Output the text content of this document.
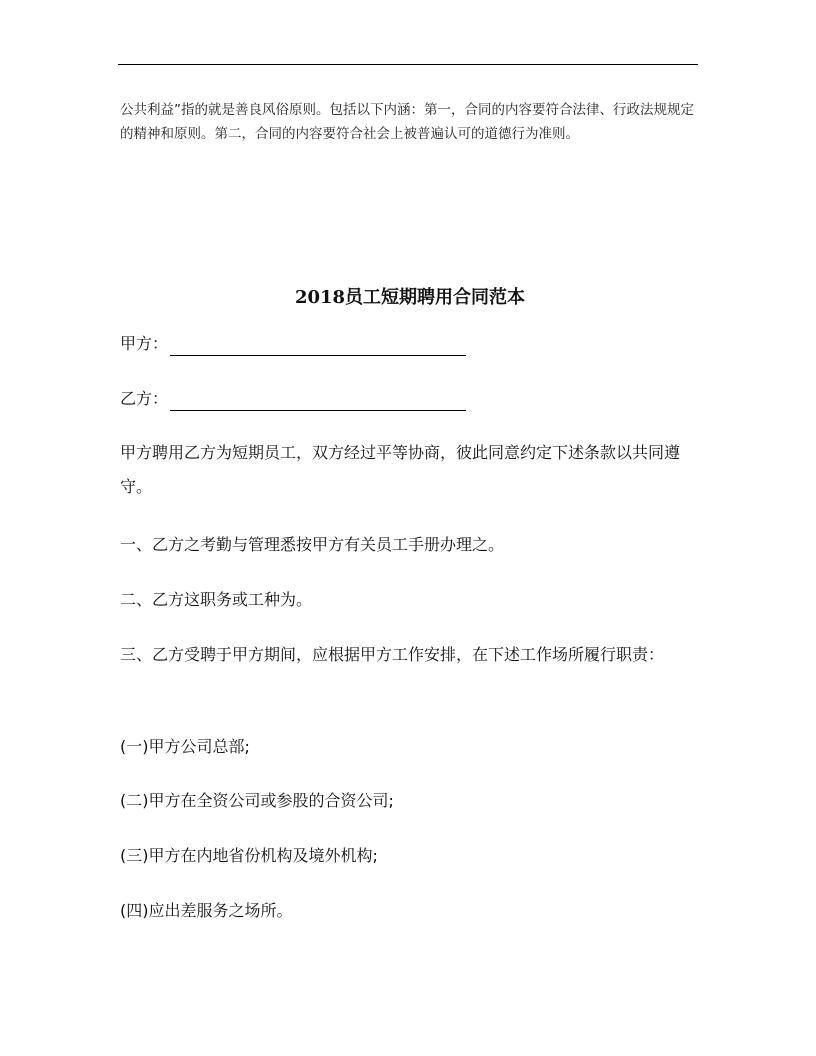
公共利益”指的就是善良风俗原则。包括以下内涵：第一，合同的内容要符合法律、行政法规规定的精神和原则。第二，合同的内容要符合社会上被普遍认可的道德行为准则。
2018员工短期聘用合同范本
甲方：
乙方：
甲方聘用乙方为短期员工，双方经过平等协商，彼此同意约定下述条款以共同遵守。
一、乙方之考勤与管理悉按甲方有关员工手册办理之。
二、乙方这职务或工种为。
三、乙方受聘于甲方期间，应根据甲方工作安排，在下述工作场所履行职责：
(一)甲方公司总部;
(二)甲方在全资公司或参股的合资公司;
(三)甲方在内地省份机构及境外机构;
(四)应出差服务之场所。
